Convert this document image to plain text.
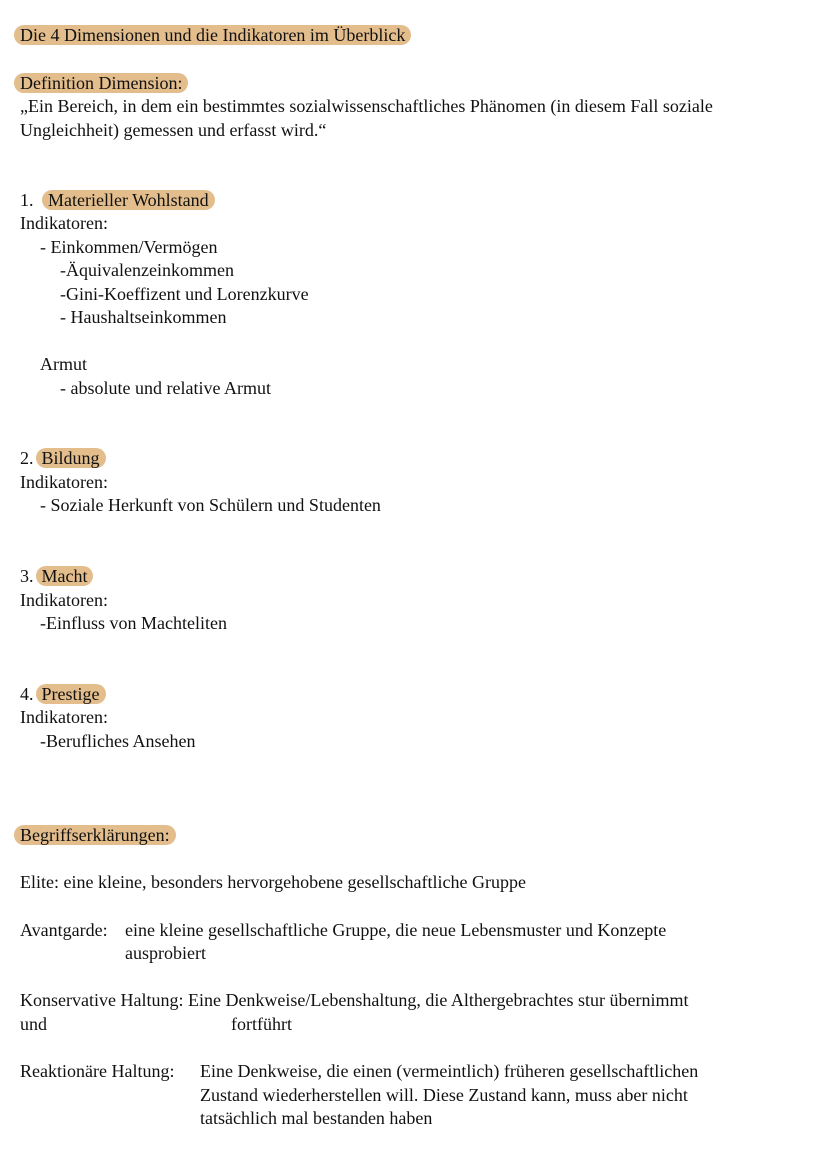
Die 4 Dimensionen und die Indikatoren im Überblick
Definition Dimension:
„Ein Bereich, in dem ein bestimmtes sozialwissenschaftliches Phänomen (in diesem Fall soziale
Ungleichheit) gemessen und erfasst wird.“
1. Materieller Wohlstand
Indikatoren:
- Einkommen/Vermögen
-Äquivalenzeinkommen
-Gini-Koeffizent und Lorenzkurve
- Haushaltseinkommen
Armut
- absolute und relative Armut
2. Bildung
Indikatoren:
- Soziale Herkunft von Schülern und Studenten
3. Macht
Indikatoren:
-Einfluss von Machteliten
4. Prestige
Indikatoren:
-Berufliches Ansehen
Begriffserklärungen:
Elite: eine kleine, besonders hervorgehobene gesellschaftliche Gruppe
Avantgarde: eine kleine gesellschaftliche Gruppe, die neue Lebensmuster und Konzepte
ausprobiert
Konservative Haltung: Eine Denkweise/Lebenshaltung, die Althergebrachtes stur übernimmt
und	fortführt
Reaktionäre Haltung: Eine Denkweise, die einen (vermeintlich) früheren gesellschaftlichen
Zustand wiederherstellen will. Diese Zustand kann, muss aber nicht
tatsächlich mal bestanden haben
